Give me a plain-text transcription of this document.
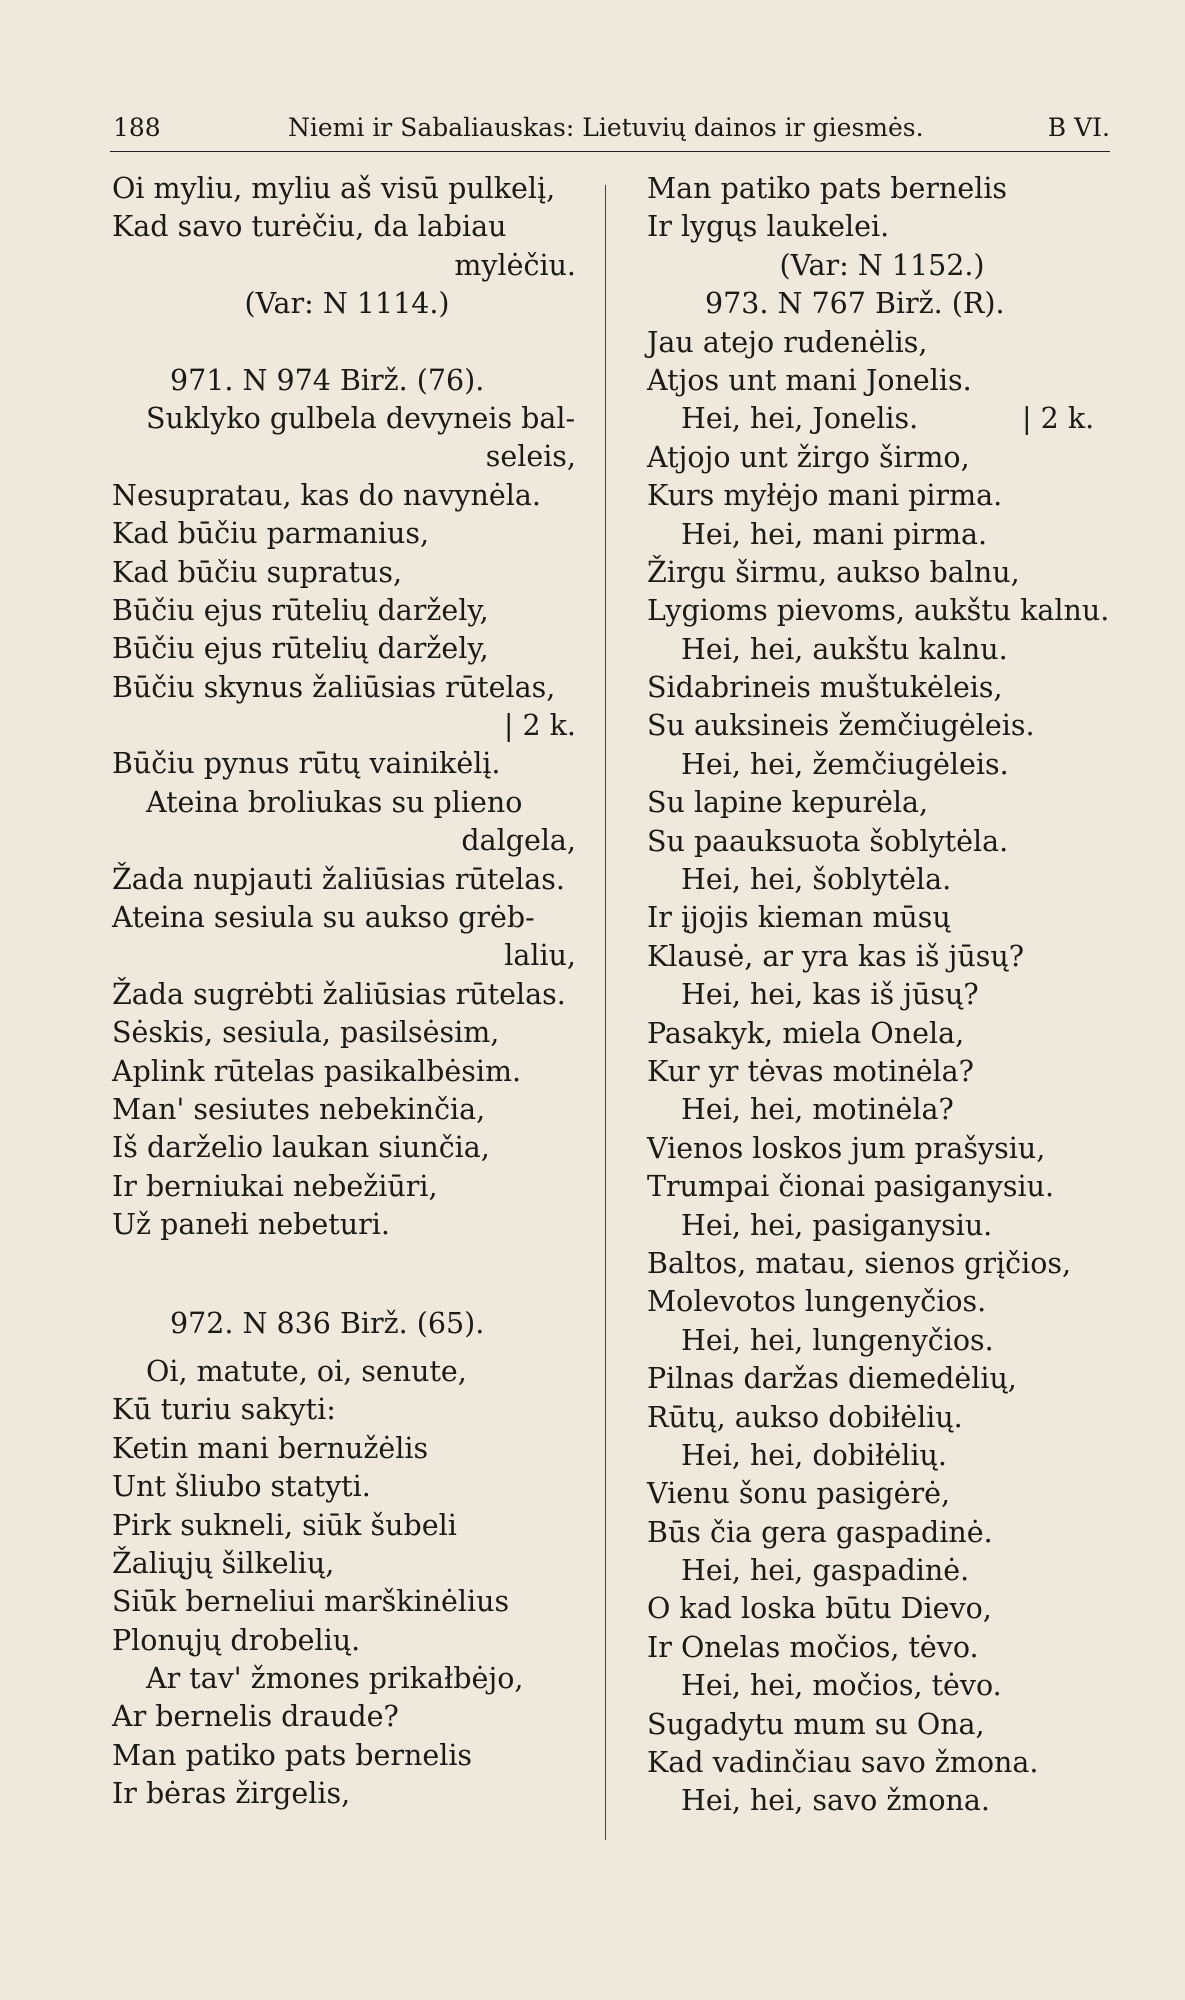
188	Niemi ir Sabaliauskas: Lietuvių dainos ir giesmės.	B VI.
Oi myliu, myliu aš visū pulkelį,
Kad savo turėčiu, da labiau
mylėčiu.
(Var: N 1114.)
971. N 974 Birž. (76).
Suklyko gulbela devyneis bal-
seleis,
Nesupratau, kas do navynėla.
Kad būčiu parmanius,
Kad būčiu supratus,
Būčiu ejus rūtelių daržely,
Būčiu ejus rūtelių daržely,
Būčiu skynus žaliūsias rūtelas,
| 2 k.
Būčiu pynus rūtų vainikėlį.
Ateina broliukas su plieno
dalgela,
Žada nupjauti žaliūsias rūtelas.
Ateina sesiula su aukso grėb-
laliu,
Žada sugrėbti žaliūsias rūtelas.
Sėskis, sesiula, pasilsėsim,
Aplink rūtelas pasikalbėsim.
Man' sesiutes nebekinčia,
Iš darželio laukan siunčia,
Ir berniukai nebežiūri,
Už panełi nebeturi.
972. N 836 Birž. (65).
Oi, matute, oi, senute,
Kū turiu sakyti:
Ketin mani bernužėlis
Unt šliubo statyti.
Pirk sukneli, siūk šubeli
Žaliųjų šilkelių,
Siūk berneliui marškinėlius
Plonųjų drobelių.
Ar tav' žmones prikałbėjo,
Ar bernelis draude?
Man patiko pats bernelis
Ir bėras žirgelis,
Man patiko pats bernelis
Ir lygųs laukelei.
(Var: N 1152.)
973. N 767 Birž. (R).
Jau atejo rudenėlis,
Atjos unt mani Jonelis.
Hei, hei, Jonelis.	| 2 k.
Atjojo unt žirgo širmo,
Kurs myłėjo mani pirma.
Hei, hei, mani pirma.
Žirgu širmu, aukso balnu,
Lygioms pievoms, aukštu kalnu.
Hei, hei, aukštu kalnu.
Sidabrineis muštukėleis,
Su auksineis žemčiugėleis.
Hei, hei, žemčiugėleis.
Su lapine kepurėla,
Su paauksuota šoblytėla.
Hei, hei, šoblytėla.
Ir įjojis kieman mūsų
Klausė, ar yra kas iš jūsų?
Hei, hei, kas iš jūsų?
Pasakyk, miela Onela,
Kur yr tėvas motinėla?
Hei, hei, motinėla?
Vienos loskos jum prašysiu,
Trumpai čionai pasiganysiu.
Hei, hei, pasiganysiu.
Baltos, matau, sienos grįčios,
Molevotos lungenyčios.
Hei, hei, lungenyčios.
Pilnas daržas diemedėlių,
Rūtų, aukso dobiłėlių.
Hei, hei, dobiłėlių.
Vienu šonu pasigėrė,
Būs čia gera gaspadinė.
Hei, hei, gaspadinė.
O kad loska būtu Dievo,
Ir Onelas močios, tėvo.
Hei, hei, močios, tėvo.
Sugadytu mum su Ona,
Kad vadinčiau savo žmona.
Hei, hei, savo žmona.
